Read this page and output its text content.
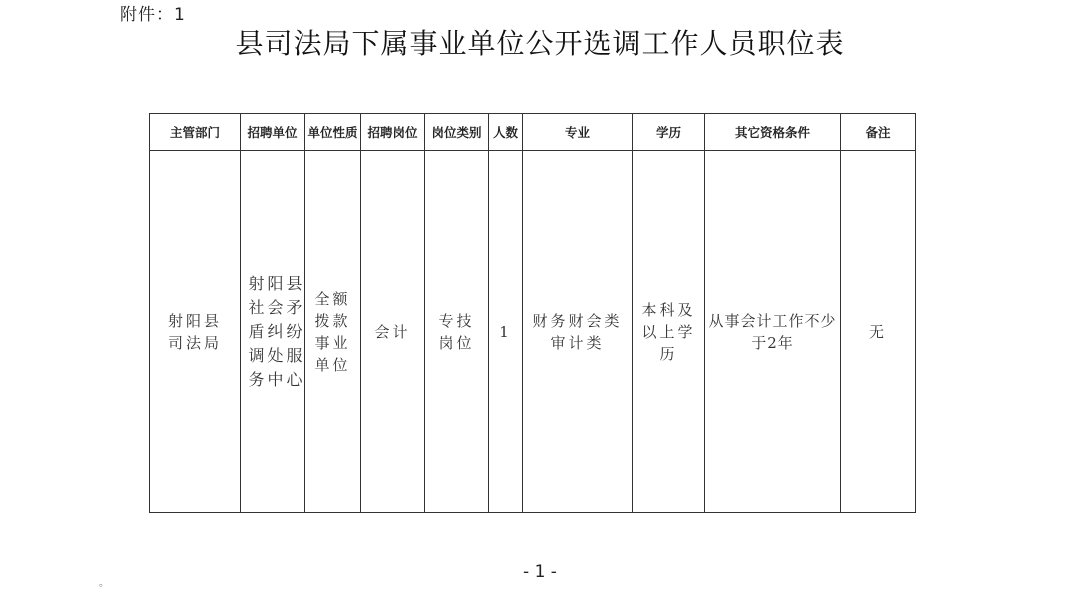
附件：1
县司法局下属事业单位公开选调工作人员职位表
主管部门	招聘单位	单位性质	招聘岗位	岗位类别	人数	专业	学历	其它资格条件	备注

射阳县司法局	射阳县社会矛盾纠纷调处服务中心	全额拨款事业单位	会计	专技岗位	1	财务财会类审计类	本科及以上学历	从事会计工作不少于2年	无
- 1 -
。
